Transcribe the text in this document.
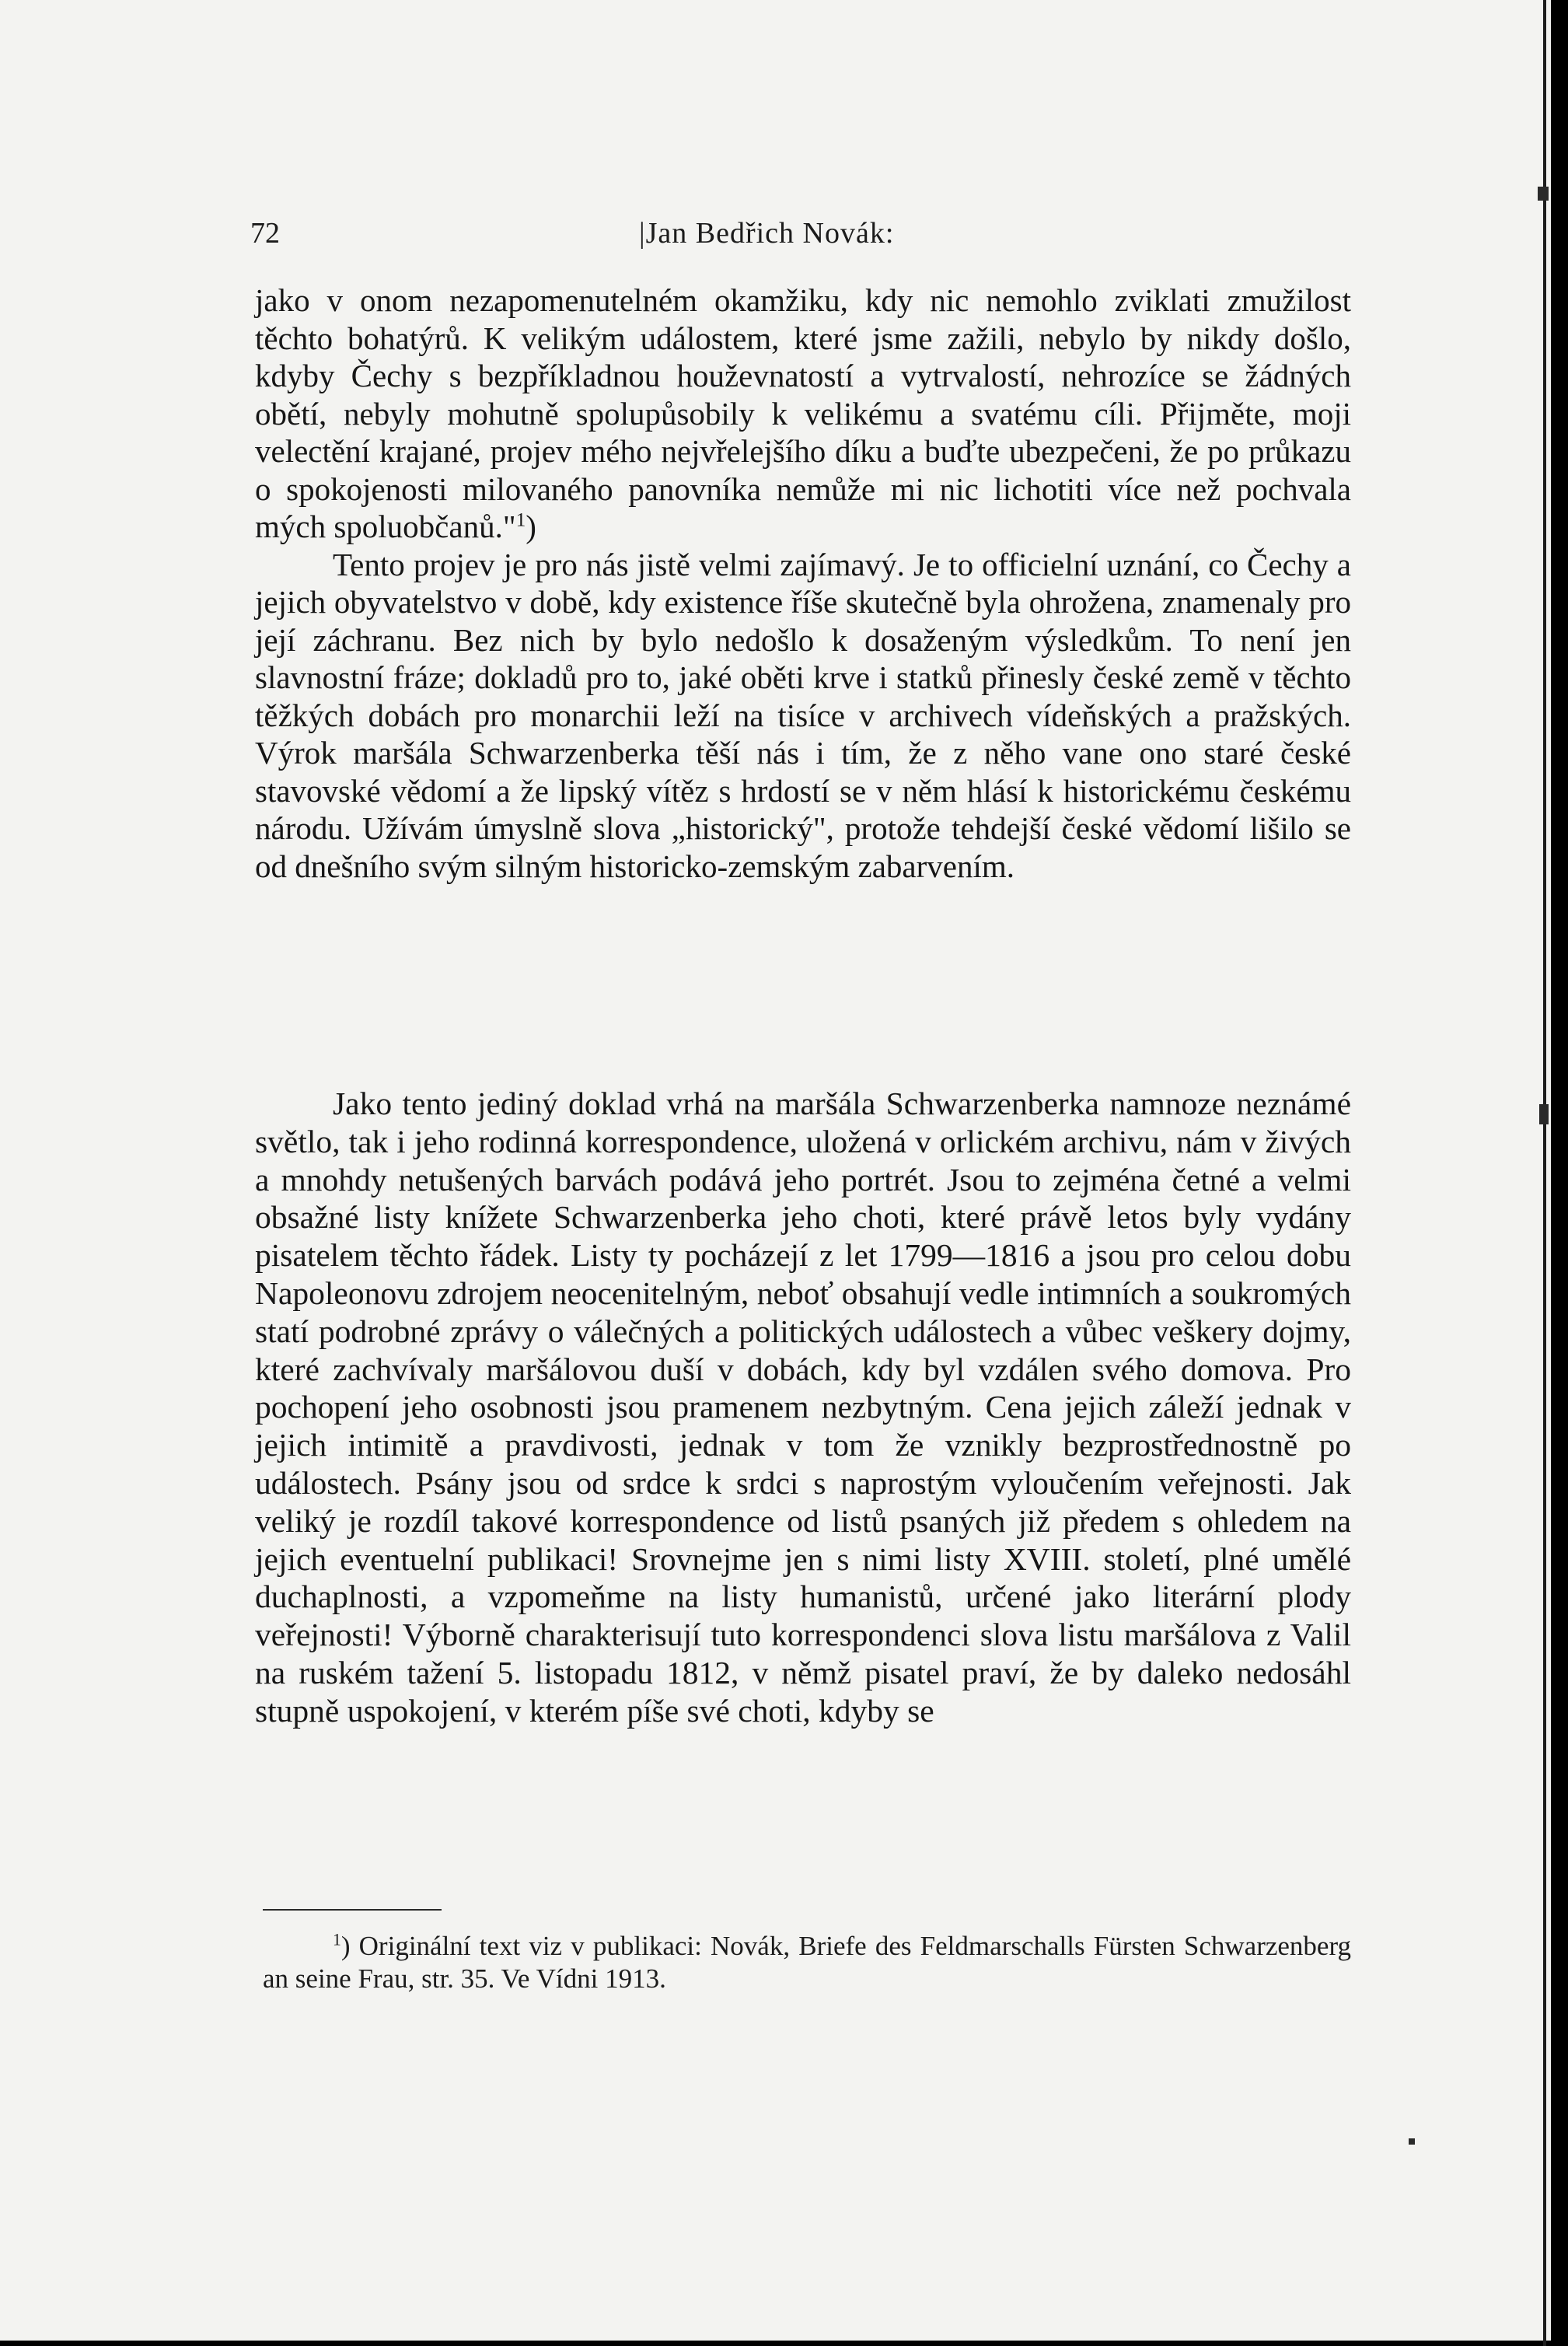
72	|Jan Bedřich Novák:

jako v onom nezapomenutelném okamžiku, kdy nic nemohlo zviklati zmužilost těchto bohatýrů. K velikým událostem, které jsme zažili, nebylo by nikdy došlo, kdyby Čechy s bezpříkladnou houževnatostí a vytrvalostí, nehrozíce se žádných obětí, nebyly mohutně spolupůsobily k velikému a svatému cíli. Přijměte, moji velectění krajané, projev mého nejvřelejšího díku a buďte ubezpečeni, že po průkazu o spokojenosti milovaného panovníka nemůže mi nic lichotiti více než pochvala mých spoluobčanů."$^1$)

Tento projev je pro nás jistě velmi zajímavý. Je to officielní uznání, co Čechy a jejich obyvatelstvo v době, kdy existence říše skutečně byla ohrožena, znamenaly pro její záchranu. Bez nich by bylo nedošlo k dosaženým výsledkům. To není jen slavnostní fráze; dokladů pro to, jaké oběti krve i statků přinesly české země v těchto těžkých dobách pro monarchii leží na tisíce v archivech vídeňských a pražských. Výrok maršála Schwarzenberka těší nás i tím, že z něho vane ono staré české stavovské vědomí a že lipský vítěz s hrdostí se v něm hlásí k historickému českému národu. Užívám úmyslně slova „historický", protože tehdejší české vědomí lišilo se od dnešního svým silným historicko-zemským zabarvením.

Jako tento jediný doklad vrhá na maršála Schwarzenberka namnoze neznámé světlo, tak i jeho rodinná korrespondence, uložená v orlickém archivu, nám v živých a mnohdy netušených barvách podává jeho portrét. Jsou to zejména četné a velmi obsažné listy knížete Schwarzenberka jeho choti, které právě letos byly vydány pisatelem těchto řádek. Listy ty pocházejí z let 1799—1816 a jsou pro celou dobu Napoleonovu zdrojem neocenitelným, neboť obsahují vedle intimních a soukromých statí podrobné zprávy o válečných a politických událostech a vůbec veškery dojmy, které zachvívaly maršálovou duší v dobách, kdy byl vzdálen svého domova. Pro pochopení jeho osobnosti jsou pramenem nezbytným. Cena jejich záleží jednak v jejich intimitě a pravdivosti, jednak v tom že vznikly bezprostřednostně po událostech. Psány jsou od srdce k srdci s naprostým vyloučením veřejnosti. Jak veliký je rozdíl takové korrespondence od listů psaných již předem s ohledem na jejich eventuelní publikaci! Srovnejme jen s nimi listy XVIII. století, plné umělé duchaplnosti, a vzpomeňme na listy humanistů, určené jako literární plody veřejnosti! Výborně charakterisují tuto korrespondenci slova listu maršálova z Valil na ruském tažení 5. listopadu 1812, v němž pisatel praví, že by daleko nedosáhl stupně uspokojení, v kterém píše své choti, kdyby se

$^1$) Originální text viz v publikaci: Novák, Briefe des Feldmarschalls Fürsten Schwarzenberg an seine Frau, str. 35. Ve Vídni 1913.
